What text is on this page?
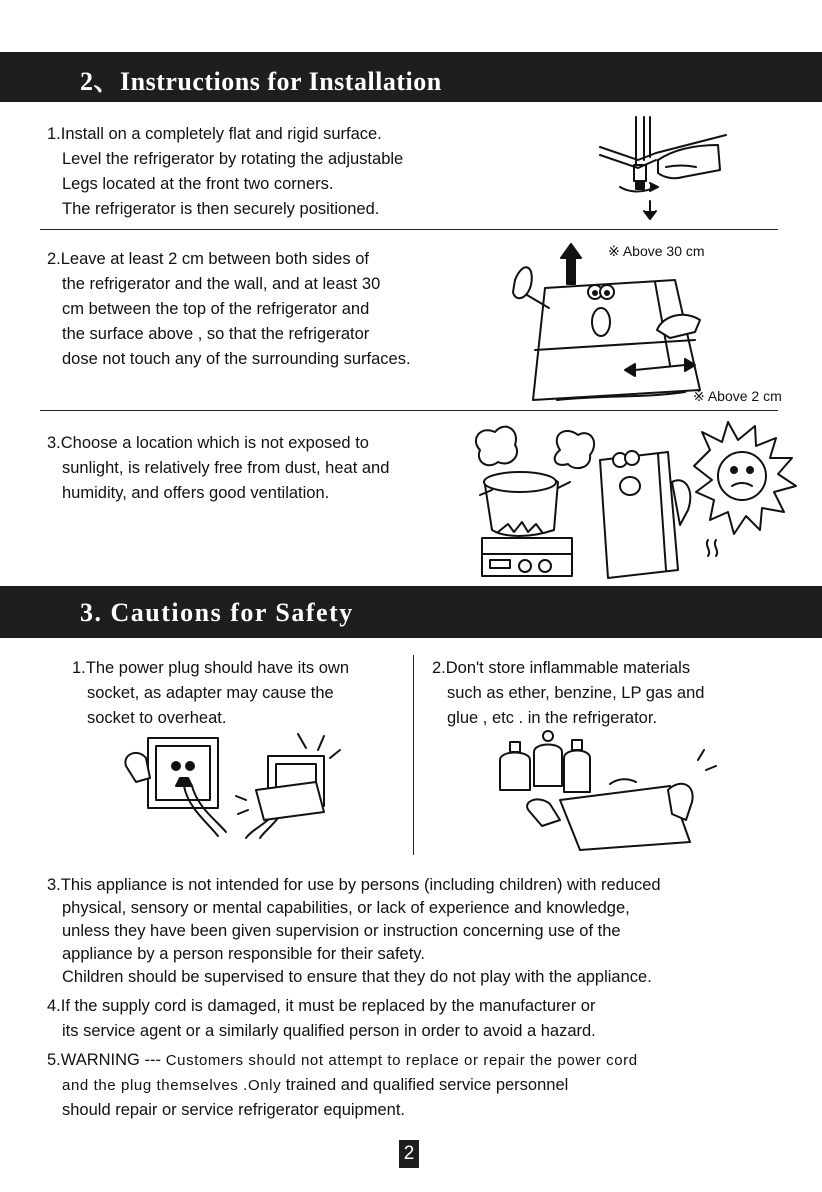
2、Instructions for Installation
1.Install on a completely flat and rigid surface.
Level the refrigerator by rotating the adjustable
Legs located at the front two corners.
The refrigerator is then securely positioned.
2.Leave at least 2 cm between both sides of
the refrigerator and the wall, and at least 30
cm between the top of the refrigerator and
the surface above , so that the refrigerator
dose not touch any of the surrounding surfaces.
※ Above 30 cm
※ Above 2 cm
3.Choose a location which is not exposed to
sunlight, is relatively free from dust, heat and
humidity, and offers good ventilation.
3. Cautions for Safety
1.The power plug should have its own
socket, as adapter may cause the
socket to overheat.
2.Don't store inflammable materials
such as ether, benzine, LP gas and
glue , etc . in the refrigerator.
3.This appliance is not intended for use by persons (including children) with reduced
physical, sensory or mental capabilities, or lack of experience and knowledge,
unless they have been given supervision or instruction concerning use of the
appliance by a person responsible for their safety.
Children should be supervised to ensure that they do not play with the appliance.
4.If the supply cord is damaged, it must be replaced by the manufacturer or
its service agent or a similarly qualified person in order to avoid a hazard.
5.WARNING --- Customers should not attempt to replace or repair the power cord
and the plug themselves .Only trained and qualified service personnel
should repair or service refrigerator equipment.
2
